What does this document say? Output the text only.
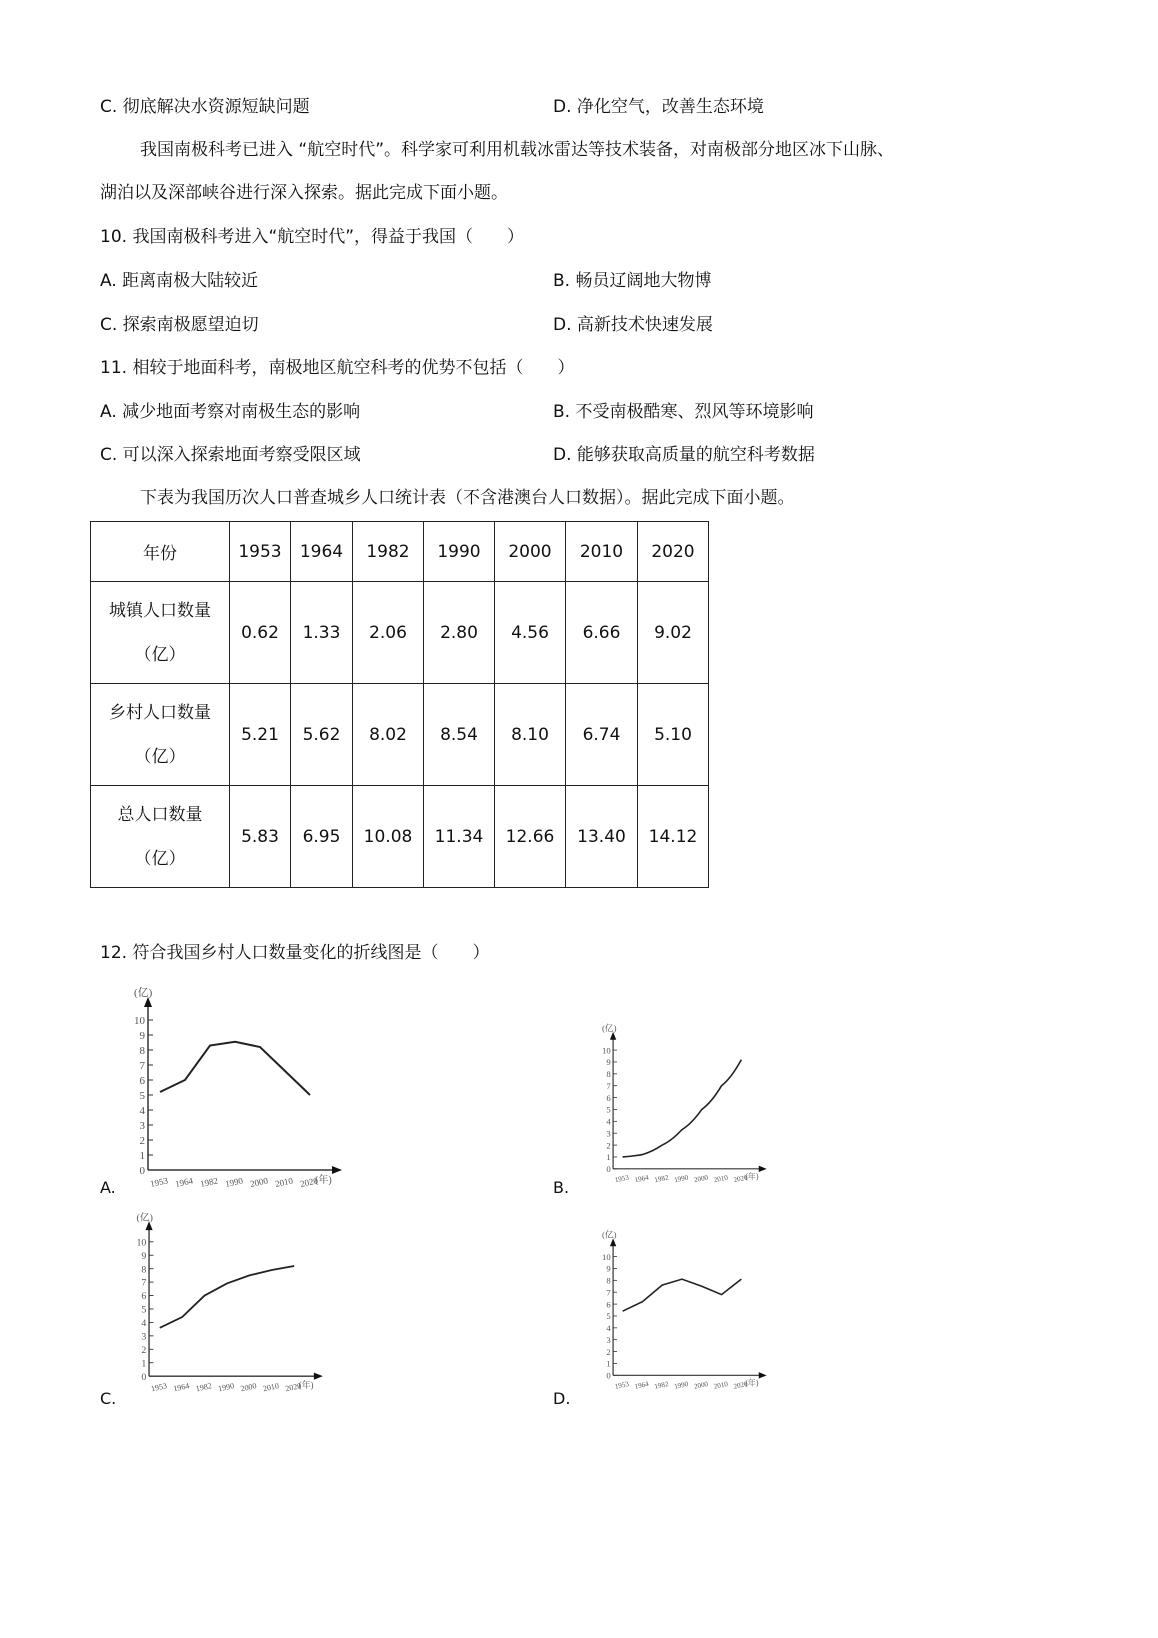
C. 彻底解决水资源短缺问题	D. 净化空气，改善生态环境
我国南极科考已进入 “航空时代”。科学家可利用机载冰雷达等技术装备，对南极部分地区冰下山脉、
湖泊以及深部峡谷进行深入探索。据此完成下面小题。
10. 我国南极科考进入“航空时代”，得益于我国（　　）
A. 距离南极大陆较近	B. 畅员辽阔地大物博
C. 探索南极愿望迫切	D. 高新技术快速发展
11. 相较于地面科考，南极地区航空科考的优势不包括（　　）
A. 减少地面考察对南极生态的影响	B. 不受南极酷寒、烈风等环境影响
C. 可以深入探索地面考察受限区域	D. 能够获取高质量的航空科考数据
下表为我国历次人口普查城乡人口统计表（不含港澳台人口数据）。据此完成下面小题。
年份	1953	1964	1982	1990	2000	2010	2020

城镇人口数量
（亿）	0.62	1.33	2.06	2.80	4.56	6.66	9.02

乡村人口数量
（亿）	5.21	5.62	8.02	8.54	8.10	6.74	5.10

总人口数量
（亿）	5.83	6.95	10.08	11.34	12.66	13.40	14.12
12. 符合我国乡村人口数量变化的折线图是（　　）
(亿)
0
1
2
3
4
5
6
7
8
9
10
1953 1964 1982 1990 2000 2010 2020
(年)
(亿)
0
1
2
3
4
5
6
7
8
9
10
1953 1964 1982 1990 2000 2010 2020
(年)
(亿)
0
1
2
3
4
5
6
7
8
9
10
1953 1964 1982 1990 2000 2010 2020
(年)
(亿)
0
1
2
3
4
5
6
7
8
9
10
1953 1964 1982 1990 2000 2010 2020
(年)
A.	B.
C.	D.
